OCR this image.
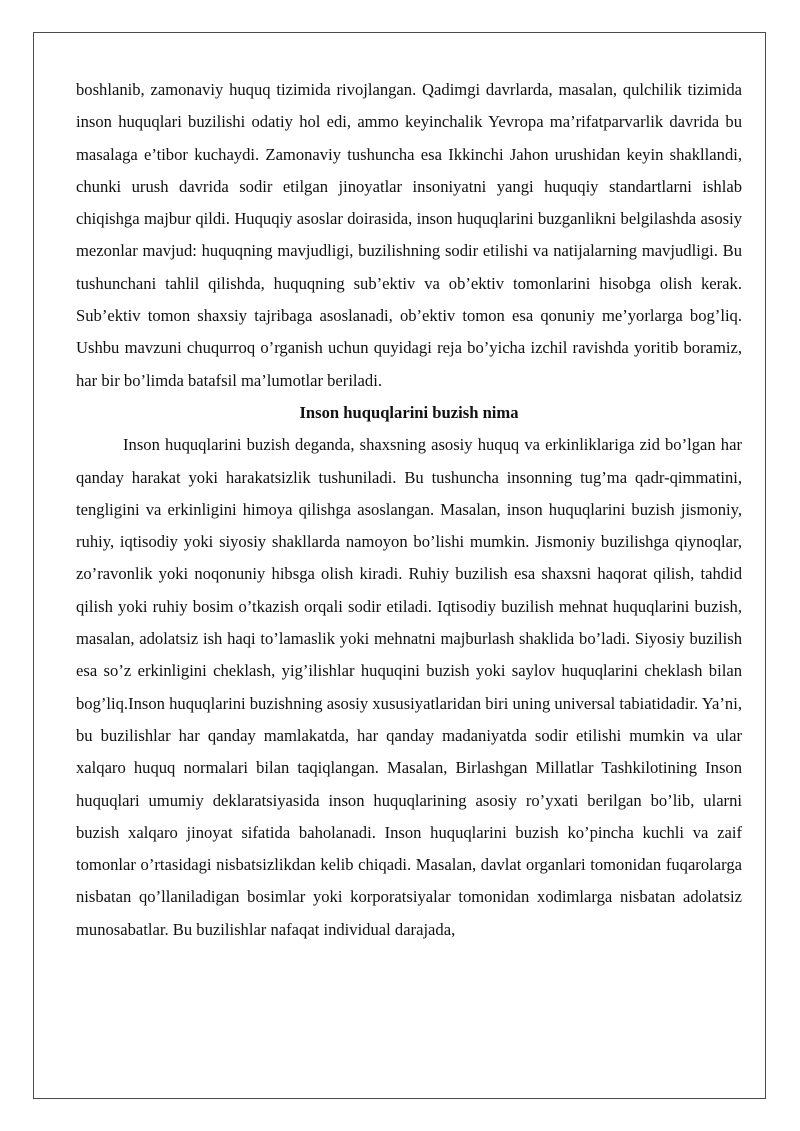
boshlanib, zamonaviy huquq tizimida rivojlangan. Qadimgi davrlarda, masalan, qulchilik tizimida inson huquqlari buzilishi odatiy hol edi, ammo keyinchalik Yevropa ma’rifatparvarlik davrida bu masalaga e’tibor kuchaydi. Zamonaviy tushuncha esa Ikkinchi Jahon urushidan keyin shakllandi, chunki urush davrida sodir etilgan jinoyatlar insoniyatni yangi huquqiy standartlarni ishlab chiqishga majbur qildi. Huquqiy asoslar doirasida, inson huquqlarini buzganlikni belgilashda asosiy mezonlar mavjud: huquqning mavjudligi, buzilishning sodir etilishi va natijalarning mavjudligi. Bu tushunchani tahlil qilishda, huquqning sub’ektiv va ob’ektiv tomonlarini hisobga olish kerak. Sub’ektiv tomon shaxsiy tajribaga asoslanadi, ob’ektiv tomon esa qonuniy me’yorlarga bog’liq. Ushbu mavzuni chuqurroq o’rganish uchun quyidagi reja bo’yicha izchil ravishda yoritib boramiz, har bir bo’limda batafsil ma’lumotlar beriladi.

Inson huquqlarini buzish nima

Inson huquqlarini buzish deganda, shaxsning asosiy huquq va erkinliklariga zid bo’lgan har qanday harakat yoki harakatsizlik tushuniladi. Bu tushuncha insonning tug’ma qadr-qimmatini, tengligini va erkinligini himoya qilishga asoslangan. Masalan, inson huquqlarini buzish jismoniy, ruhiy, iqtisodiy yoki siyosiy shakllarda namoyon bo’lishi mumkin. Jismoniy buzilishga qiynoqlar, zo’ravonlik yoki noqonuniy hibsga olish kiradi. Ruhiy buzilish esa shaxsni haqorat qilish, tahdid qilish yoki ruhiy bosim o’tkazish orqali sodir etiladi. Iqtisodiy buzilish mehnat huquqlarini buzish, masalan, adolatsiz ish haqi to’lamaslik yoki mehnatni majburlash shaklida bo’ladi. Siyosiy buzilish esa so’z erkinligini cheklash, yig’ilishlar huquqini buzish yoki saylov huquqlarini cheklash bilan bog’liq.Inson huquqlarini buzishning asosiy xususiyatlaridan biri uning universal tabiatidadir. Ya’ni, bu buzilishlar har qanday mamlakatda, har qanday madaniyatda sodir etilishi mumkin va ular xalqaro huquq normalari bilan taqiqlangan. Masalan, Birlashgan Millatlar Tashkilotining Inson huquqlari umumiy deklaratsiyasida inson huquqlarining asosiy ro’yxati berilgan bo’lib, ularni buzish xalqaro jinoyat sifatida baholanadi. Inson huquqlarini buzish ko’pincha kuchli va zaif tomonlar o’rtasidagi nisbatsizlikdan kelib chiqadi. Masalan, davlat organlari tomonidan fuqarolarga nisbatan qo’llaniladigan bosimlar yoki korporatsiyalar tomonidan xodimlarga nisbatan adolatsiz munosabatlar. Bu buzilishlar nafaqat individual darajada,
